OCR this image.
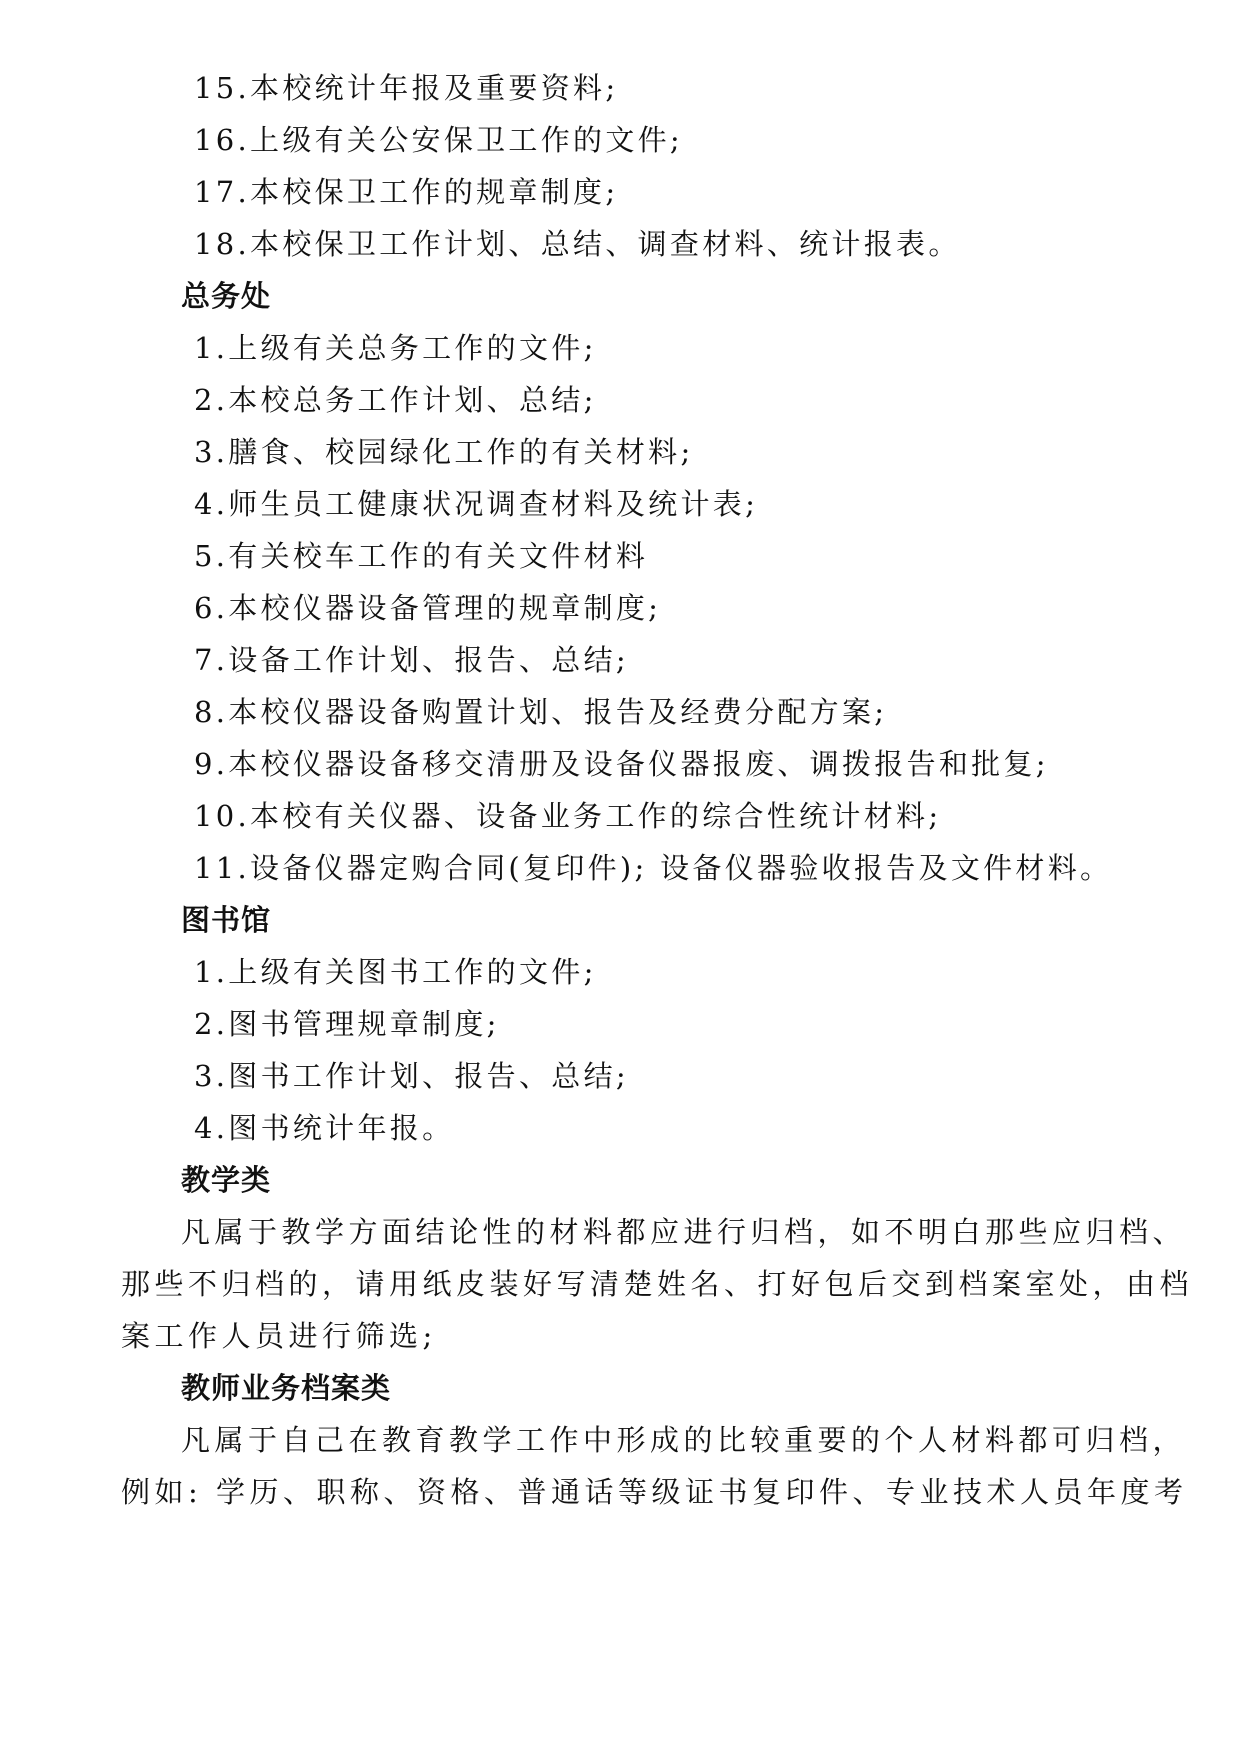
15.本校统计年报及重要资料;
16.上级有关公安保卫工作的文件;
17.本校保卫工作的规章制度;
18.本校保卫工作计划、总结、调查材料、统计报表。
总务处
1.上级有关总务工作的文件;
2.本校总务工作计划、总结;
3.膳食、校园绿化工作的有关材料;
4.师生员工健康状况调查材料及统计表;
5.有关校车工作的有关文件材料
6.本校仪器设备管理的规章制度;
7.设备工作计划、报告、总结;
8.本校仪器设备购置计划、报告及经费分配方案;
9.本校仪器设备移交清册及设备仪器报废、调拨报告和批复;
10.本校有关仪器、设备业务工作的综合性统计材料;
11.设备仪器定购合同(复印件); 设备仪器验收报告及文件材料。
图书馆
1.上级有关图书工作的文件;
2.图书管理规章制度;
3.图书工作计划、报告、总结;
4.图书统计年报。
教学类
凡属于教学方面结论性的材料都应进行归档，如不明白那些应归档、
那些不归档的，请用纸皮装好写清楚姓名、打好包后交到档案室处，由档
案工作人员进行筛选;
教师业务档案类
凡属于自己在教育教学工作中形成的比较重要的个人材料都可归档，
例如: 学历、职称、资格、普通话等级证书复印件、专业技术人员年度考
